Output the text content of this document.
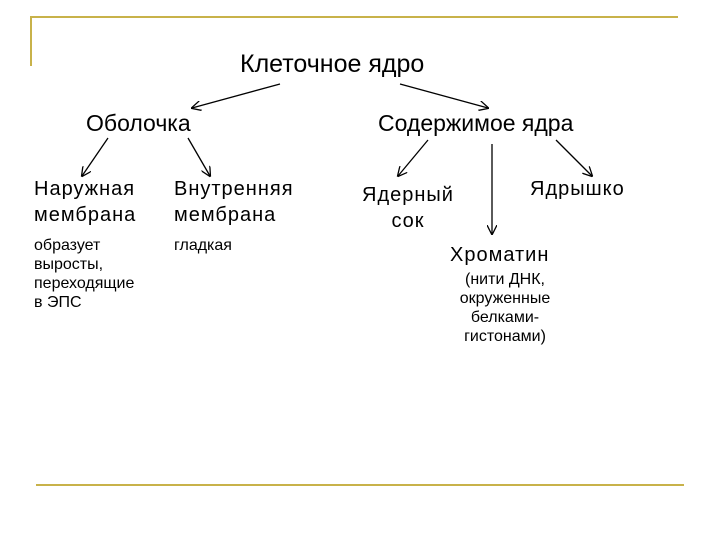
Клеточное ядро
Оболочка	Содержимое ядра
Наружная
мембрана
Внутренняя
мембрана
образует
выросты,
переходящие
в ЭПС
гладкая
Ядерный
сок
Ядрышко
Хроматин
(нити ДНК,
окруженные
белками-
гистонами)
